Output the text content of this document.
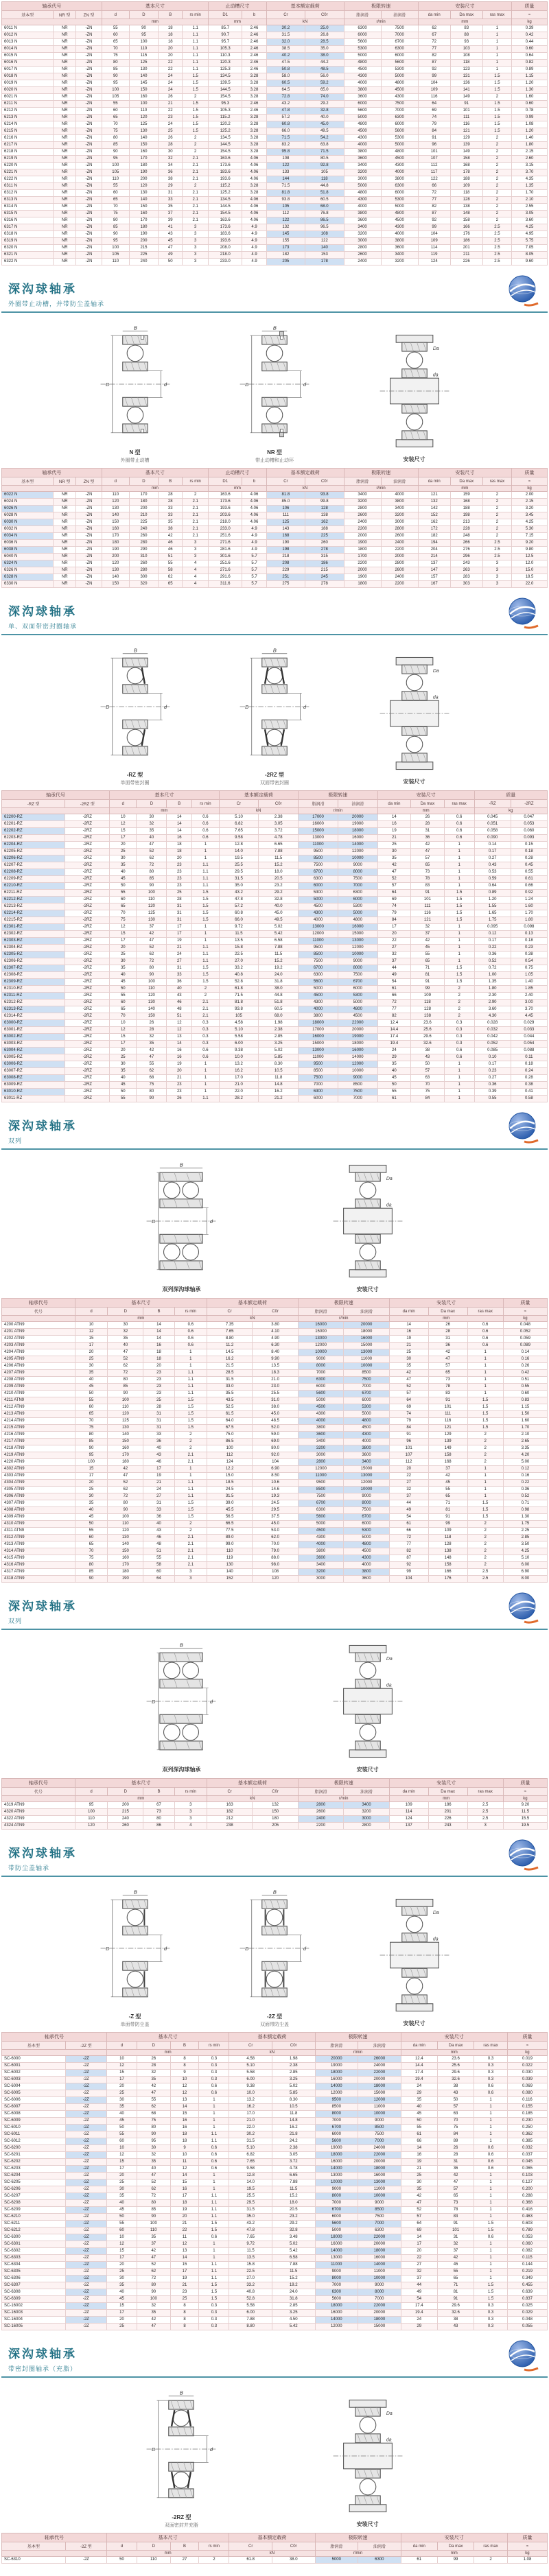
轴承代号			基本尺寸				止动槽尺寸		基本额定载荷		极限转速		安装尺寸			质量
基本型	NR 型	ZN 型	d	D	B	rs min	D1	b	Cr	C0r	脂润滑	油润滑	da min	Da max	ras max	≈
			mm				mm		kN		r/min		mm			kg
6011 N	NR	-ZN	55	90	18	1.1	85.7	2.46	30.2	25.0	6300	7500	62	83	1	0.39
6012 N	NR	-ZN	60	95	18	1.1	90.7	2.46	31.5	26.8	6000	7000	67	88	1	0.42
6013 N	NR	-ZN	65	100	18	1.1	95.7	2.46	32.0	28.5	5600	6700	72	93	1	0.44
6014 N	NR	-ZN	70	110	20	1.1	105.3	2.46	38.5	35.0	5300	6300	77	103	1	0.60
6015 N	NR	-ZN	75	115	20	1.1	110.3	2.46	40.2	38.0	5000	6000	82	108	1	0.64
6016 N	NR	-ZN	80	125	22	1.1	120.3	2.46	47.5	44.2	4800	5600	87	118	1	0.82
6017 N	NR	-ZN	85	130	22	1.1	125.3	2.46	50.8	48.5	4500	5300	92	123	1	0.89
6018 N	NR	-ZN	90	140	24	1.5	134.5	3.28	58.0	56.0	4300	5000	99	131	1.5	1.15
6019 N	NR	-ZN	95	145	24	1.5	139.5	3.28	60.5	59.2	4000	4800	104	136	1.5	1.20
6020 N	NR	-ZN	100	150	24	1.5	144.5	3.28	64.5	65.0	3800	4500	109	141	1.5	1.30
6021 N	NR	-ZN	105	160	26	2	154.5	3.28	72.8	74.0	3600	4300	116	149	2	1.60
6211 N	NR	-ZN	55	100	21	1.5	95.3	2.46	43.2	29.2	6000	7500	64	91	1.5	0.60
6212 N	NR	-ZN	60	110	22	1.5	105.3	2.46	47.8	32.8	5600	7000	69	101	1.5	0.78
6213 N	NR	-ZN	65	120	23	1.5	115.2	3.28	57.2	40.0	5000	6300	74	111	1.5	0.99
6214 N	NR	-ZN	70	125	24	1.5	120.2	3.28	60.8	45.0	4800	6000	79	116	1.5	1.08
6215 N	NR	-ZN	75	130	25	1.5	125.2	3.28	66.0	49.5	4500	5600	84	121	1.5	1.20
6216 N	NR	-ZN	80	140	26	2	134.5	3.28	71.5	54.2	4300	5300	91	129	2	1.40
6217 N	NR	-ZN	85	150	28	2	144.5	3.28	83.2	63.8	4000	5000	96	139	2	1.80
6218 N	NR	-ZN	90	160	30	2	154.5	3.28	95.8	71.5	3800	4800	101	149	2	2.15
6219 N	NR	-ZN	95	170	32	2.1	163.6	4.06	108	80.5	3600	4500	107	158	2	2.60
6220 N	NR	-ZN	100	180	34	2.1	173.6	4.06	122	92.8	3400	4300	112	168	2	3.15
6221 N	NR	-ZN	105	190	36	2.1	183.6	4.06	133	105	3200	4000	117	178	2	3.70
6222 N	NR	-ZN	110	200	38	2.1	193.6	4.06	144	118	3000	3800	122	188	2	4.35
6311 N	NR	-ZN	55	120	29	2	115.2	3.28	71.5	44.8	5000	6300	66	109	2	1.35
6312 N	NR	-ZN	60	130	31	2.1	125.2	3.28	81.8	51.8	4800	6000	72	118	2	1.70
6313 N	NR	-ZN	65	140	33	2.1	134.5	4.06	93.8	60.5	4300	5300	77	128	2	2.10
6314 N	NR	-ZN	70	150	35	2.1	144.5	4.06	105	68.0	4000	5000	82	138	2	2.55
6315 N	NR	-ZN	75	160	37	2.1	154.5	4.06	112	76.8	3800	4800	87	148	2	3.05
6316 N	NR	-ZN	80	170	39	2.1	163.6	4.06	122	86.5	3600	4500	92	158	2	3.60
6317 N	NR	-ZN	85	180	41	3	173.6	4.9	132	96.5	3400	4300	99	166	2.5	4.25
6318 N	NR	-ZN	90	190	43	3	183.6	4.9	145	108	3200	4000	104	176	2.5	4.95
6319 N	NR	-ZN	95	200	45	3	193.6	4.9	155	122	3000	3800	109	186	2.5	5.75
6320 N	NR	-ZN	100	215	47	3	208.0	4.9	173	140	2800	3600	114	201	2.5	7.05
6321 N	NR	-ZN	105	225	49	3	218.0	4.9	182	153	2600	3400	119	211	2.5	8.05
6322 N	NR	-ZN	110	240	50	3	233.0	4.9	205	178	2400	3200	124	226	2.5	9.60
深沟球轴承
外圈带止动槽，并带防尘盖轴承
D	d
B
N 型
外圈带止动槽
D	d
B
NR 型
带止动槽和止动环
Da
da
安装尺寸
轴承代号			基本尺寸				止动槽尺寸		基本额定载荷		极限转速		安装尺寸			质量
基本型	NR 型	ZN 型	d	D	B	rs min	D1	b	Cr	C0r	脂润滑	油润滑	da min	Da max	ras max	≈
			mm				mm		kN		r/min		mm			kg
6022 N	NR	-ZN	110	170	28	2	163.6	4.06	81.8	93.8	3400	4000	121	159	2	2.00
6024 N	NR	-ZN	120	180	28	2.1	173.6	4.06	85.0	99.8	3200	3800	132	168	2	2.15
6026 N	NR	-ZN	130	200	33	2.1	193.6	4.06	106	128	2800	3400	142	188	2	3.20
6028 N	NR	-ZN	140	210	33	2.1	203.6	4.06	111	138	2600	3200	152	198	2	3.45
6030 N	NR	-ZN	150	225	35	2.1	218.0	4.06	125	162	2400	3000	162	213	2	4.25
6032 N	NR	-ZN	160	240	38	2.1	233.0	4.9	143	188	2200	2800	172	228	2	5.30
6034 N	NR	-ZN	170	260	42	2.1	251.6	4.9	168	225	2000	2600	182	248	2	7.15
6036 N	NR	-ZN	180	280	46	3	271.6	4.9	190	260	1900	2400	194	266	2.5	9.20
6038 N	NR	-ZN	190	290	46	3	281.6	4.9	198	278	1800	2200	204	276	2.5	9.80
6040 N	NR	-ZN	200	310	51	3	301.6	5.7	218	315	1700	2000	214	296	2.5	12.5
6324 N	NR	-ZN	120	260	55	4	251.6	5.7	208	186	2200	2800	137	243	3	12.0
6326 N	NR	-ZN	130	280	58	4	271.6	5.7	229	215	2000	2600	147	263	3	15.0
6328 N	NR	-ZN	140	300	62	4	291.6	5.7	251	245	1900	2400	157	283	3	18.5
6330 N	NR	-ZN	150	320	65	4	311.6	5.7	275	278	1800	2200	167	303	3	22.0
深沟球轴承
单、双面带密封圈轴承
D	d
B
-RZ 型
单面带密封圈
D	d
B
-2RZ 型
双面带密封圈
Da
da
安装尺寸
轴承代号		基本尺寸				基本额定载荷		极限转速		安装尺寸			质量	
-RZ 型	-2RZ 型	d	D	B	rs min	Cr	C0r	脂润滑	油润滑	da min	Da max	ras max	-RZ	-2RZ
		mm				kN		r/min		mm			kg	
62200-RZ	-2RZ	10	30	14	0.6	5.10	2.38	17000	20000	14	26	0.6	0.045	0.047
62201-RZ	-2RZ	12	32	14	0.6	6.82	3.05	16000	19000	16	28	0.6	0.051	0.053
62202-RZ	-2RZ	15	35	14	0.6	7.65	3.72	15000	18000	19	31	0.6	0.058	0.060
62203-RZ	-2RZ	17	40	16	0.6	9.58	4.78	13000	16000	21	36	0.6	0.090	0.093
62204-RZ	-2RZ	20	47	18	1	12.8	6.65	11000	14000	25	42	1	0.14	0.15
62205-RZ	-2RZ	25	52	18	1	14.0	7.88	9500	12000	30	47	1	0.17	0.18
62206-RZ	-2RZ	30	62	20	1	19.5	11.5	8500	10000	35	57	1	0.27	0.28
62207-RZ	-2RZ	35	72	23	1.1	25.5	15.2	7500	9000	42	65	1	0.43	0.45
62208-RZ	-2RZ	40	80	23	1.1	29.5	18.0	6700	8000	47	73	1	0.53	0.55
62209-RZ	-2RZ	45	85	23	1.1	31.5	20.5	6300	7500	52	78	1	0.59	0.61
62210-RZ	-2RZ	50	90	23	1.1	35.0	23.2	6000	7000	57	83	1	0.64	0.66
62211-RZ	-2RZ	55	100	25	1.5	43.2	29.2	5300	6300	64	91	1.5	0.89	0.92
62212-RZ	-2RZ	60	110	28	1.5	47.8	32.8	5000	6000	69	101	1.5	1.20	1.24
62213-RZ	-2RZ	65	120	31	1.5	57.2	40.0	4500	5300	74	111	1.5	1.55	1.60
62214-RZ	-2RZ	70	125	31	1.5	60.8	45.0	4300	5000	79	116	1.5	1.65	1.70
62215-RZ	-2RZ	75	130	31	1.5	66.0	49.5	4000	4800	84	121	1.5	1.75	1.80
62301-RZ	-2RZ	12	37	17	1	9.72	5.02	13000	16000	17	32	1	0.095	0.098
62302-RZ	-2RZ	15	42	17	1	11.5	5.42	12000	15000	20	37	1	0.12	0.13
62303-RZ	-2RZ	17	47	19	1	13.5	6.58	11000	13000	22	42	1	0.17	0.18
62304-RZ	-2RZ	20	52	21	1.1	15.8	7.88	9500	12000	27	45	1	0.22	0.23
62305-RZ	-2RZ	25	62	24	1.1	22.5	11.5	8500	10000	32	55	1	0.36	0.38
62306-RZ	-2RZ	30	72	27	1.1	27.0	15.2	7500	9000	37	65	1	0.52	0.54
62307-RZ	-2RZ	35	80	31	1.5	33.2	19.2	6700	8000	44	71	1.5	0.72	0.75
62308-RZ	-2RZ	40	90	33	1.5	40.8	24.0	6300	7500	49	81	1.5	1.00	1.05
62309-RZ	-2RZ	45	100	36	1.5	52.8	31.8	5600	6700	54	91	1.5	1.35	1.40
62310-RZ	-2RZ	50	110	40	2	61.8	38.0	5000	6000	61	99	2	1.80	1.85
62311-RZ	-2RZ	55	120	43	2	71.5	44.8	4500	5300	66	109	2	2.30	2.40
62312-RZ	-2RZ	60	130	46	2.1	81.8	51.8	4300	5000	72	118	2	2.90	3.00
62313-RZ	-2RZ	65	140	48	2.1	93.8	60.5	4000	4800	77	128	2	3.60	3.70
62314-RZ	-2RZ	70	150	51	2.1	105	68.0	3800	4500	82	138	2	4.30	4.45
63000-RZ	-2RZ	10	26	12	0.3	4.58	1.98	18000	22000	12.4	23.6	0.3	0.028	0.029
63001-RZ	-2RZ	12	28	12	0.3	5.10	2.38	17000	20000	14.4	25.6	0.3	0.032	0.033
63002-RZ	-2RZ	15	32	13	0.3	5.58	2.85	16000	19000	17.4	29.6	0.3	0.042	0.044
63003-RZ	-2RZ	17	35	14	0.3	6.00	3.25	15000	18000	19.4	32.6	0.3	0.052	0.054
63004-RZ	-2RZ	20	42	16	0.6	9.38	5.02	13000	16000	24	38	0.6	0.085	0.088
63005-RZ	-2RZ	25	47	16	0.6	10.0	5.85	11000	14000	29	43	0.6	0.10	0.11
63006-RZ	-2RZ	30	55	19	1	13.2	8.30	9500	12000	35	50	1	0.17	0.18
63007-RZ	-2RZ	35	62	20	1	16.2	10.5	8500	10000	40	57	1	0.23	0.24
63008-RZ	-2RZ	40	68	21	1	17.0	11.8	7500	9000	45	63	1	0.27	0.28
63009-RZ	-2RZ	45	75	23	1	21.0	14.8	7000	8500	50	70	1	0.36	0.38
63010-RZ	-2RZ	50	80	23	1	22.0	16.2	6300	7500	55	75	1	0.39	0.41
63011-RZ	-2RZ	55	90	26	1.1	28.2	21.2	6000	7000	61	84	1	0.55	0.58
深沟球轴承
双列
D	d
B
双列深沟球轴承
Da
da
安装尺寸
轴承代号	基本尺寸				基本额定载荷		极限转速		安装尺寸			质量
代号	d	D	B	rs min	Cr	C0r	脂润滑	油润滑	da min	Da max	ras max	≈
	mm				kN		r/min		mm			kg
4200 ATN9	10	30	14	0.6	7.35	3.80	16000	20000	14	26	0.6	0.048
4201 ATN9	12	32	14	0.6	7.65	4.10	15000	18000	16	28	0.6	0.052
4202 ATN9	15	35	14	0.6	8.80	4.90	13000	16000	19	31	0.6	0.059
4203 ATN9	17	40	16	0.6	11.2	6.30	12000	15000	21	36	0.6	0.089
4204 ATN9	20	47	18	1	14.5	8.40	10000	13000	25	42	1	0.14
4205 ATN9	25	52	18	1	16.2	9.90	9000	11000	30	47	1	0.16
4206 ATN9	30	62	20	1	21.5	13.5	8000	10000	35	57	1	0.26
4207 ATN9	35	72	23	1.1	28.5	18.3	7000	8500	42	65	1	0.42
4208 ATN9	40	80	23	1.1	31.5	21.0	6300	7500	47	73	1	0.51
4209 ATN9	45	85	23	1.1	33.0	23.0	6000	7000	52	78	1	0.55
4210 ATN9	50	90	23	1.1	35.5	25.5	5600	6700	57	83	1	0.60
4211 ATN9	55	100	25	1.5	43.5	31.0	5000	6000	64	91	1.5	0.83
4212 ATN9	60	110	28	1.5	52.5	38.0	4500	5300	69	101	1.5	1.15
4213 ATN9	65	120	31	1.5	61.5	45.0	4300	5000	74	111	1.5	1.50
4214 ATN9	70	125	31	1.5	64.0	48.5	4000	4800	79	116	1.5	1.60
4215 ATN9	75	130	31	1.5	67.5	52.0	3800	4500	84	121	1.5	1.70
4216 ATN9	80	140	33	2	75.0	59.0	3600	4300	91	129	2	2.10
4217 ATN9	85	150	36	2	86.5	69.0	3400	4000	96	139	2	2.65
4218 ATN9	90	160	40	2	100	80.0	3200	3800	101	149	2	3.35
4219 ATN9	95	170	43	2.1	112	92.0	3000	3600	107	158	2	4.20
4220 ATN9	100	180	46	2.1	124	104	2800	3400	112	168	2	5.00
4302 ATN9	15	42	17	1	12.2	6.90	12000	15000	20	37	1	0.12
4303 ATN9	17	47	19	1	15.0	8.50	11000	13000	22	42	1	0.16
4304 ATN9	20	52	21	1.1	18.5	10.6	9500	12000	27	45	1	0.22
4305 ATN9	25	62	24	1.1	24.5	14.6	8500	10000	32	55	1	0.36
4306 ATN9	30	72	27	1.1	31.5	19.3	7500	9000	37	65	1	0.52
4307 ATN9	35	80	31	1.5	39.0	24.5	6700	8000	44	71	1.5	0.71
4308 ATN9	40	90	33	1.5	45.5	29.5	6300	7500	49	81	1.5	0.98
4309 ATN9	45	100	36	1.5	56.5	37.5	5600	6700	54	91	1.5	1.30
4310 ATN9	50	110	40	2	66.5	45.0	5000	6000	61	99	2	1.75
4311 ATN9	55	120	43	2	77.5	53.0	4500	5300	66	109	2	2.25
4312 ATN9	60	130	46	2.1	89.0	62.0	4300	5000	72	118	2	2.85
4313 ATN9	65	140	48	2.1	99.0	70.0	4000	4800	77	128	2	3.50
4314 ATN9	70	150	51	2.1	110	79.0	3800	4500	82	138	2	4.25
4315 ATN9	75	160	55	2.1	119	88.0	3600	4300	87	148	2	5.10
4316 ATN9	80	170	58	2.1	130	98.0	3400	4000	92	158	2	6.00
4317 ATN9	85	180	60	3	140	108	3200	3800	99	166	2.5	6.90
4318 ATN9	90	190	64	3	152	120	3000	3600	104	176	2.5	8.00
深沟球轴承
双列
D	d
B
双列深沟球轴承
Da
da
安装尺寸
轴承代号	基本尺寸				基本额定载荷		极限转速		安装尺寸			质量
代号	d	D	B	rs min	Cr	C0r	脂润滑	油润滑	da min	Da max	ras max	≈
	mm				kN		r/min		mm			kg
4319 ATN9	95	200	67	3	163	132	2800	3400	109	186	2.5	9.20
4320 ATN9	100	215	73	3	182	150	2600	3200	114	201	2.5	11.5
4322 ATN9	110	240	80	3	212	180	2400	3000	124	226	2.5	15.5
4324 ATN9	120	260	86	4	238	205	2200	2800	137	243	3	19.5
深沟球轴承
带防尘盖轴承
D	d
B
-Z 型
单面带防尘盖
D	d
B
-2Z 型
双面带防尘盖
Da
da
安装尺寸
轴承代号		基本尺寸				基本额定载荷		极限转速		安装尺寸			质量
基本型	-2Z 型	d	D	B	rs min	Cr	C0r	脂润滑	油润滑	da min	Da max	ras max	≈
		mm				kN		r/min		mm			kg
SC-6000	-2Z	10	26	8	0.3	4.58	1.98	20000	26000	12.4	23.6	0.3	0.019
SC-6001	-2Z	12	28	8	0.3	5.10	2.38	19000	24000	14.4	25.6	0.3	0.022
SC-6002	-2Z	15	32	9	0.3	5.58	2.85	18000	22000	17.4	29.6	0.3	0.030
SC-6003	-2Z	17	35	10	0.3	6.00	3.25	16000	20000	19.4	32.6	0.3	0.039
SC-6004	-2Z	20	42	12	0.6	9.38	5.02	14000	18000	24	38	0.6	0.069
SC-6005	-2Z	25	47	12	0.6	10.0	5.85	12000	15000	29	43	0.6	0.080
SC-6006	-2Z	30	55	13	1	13.2	8.30	9500	12000	35	50	1	0.116
SC-6007	-2Z	35	62	14	1	16.2	10.5	8500	11000	40	57	1	0.155
SC-6008	-2Z	40	68	15	1	17.0	11.8	8000	10000	45	63	1	0.185
SC-6009	-2Z	45	75	16	1	21.0	14.8	7000	9000	50	70	1	0.230
SC-6010	-2Z	50	80	16	1	22.0	16.2	6700	8500	55	75	1	0.250
SC-6011	-2Z	55	90	18	1.1	30.2	21.8	6000	7500	61	84	1	0.362
SC-6012	-2Z	60	95	18	1.1	31.5	24.2	5600	7000	66	89	1	0.385
SC-6200	-2Z	10	30	9	0.6	5.10	2.38	19000	24000	14	26	0.6	0.032
SC-6201	-2Z	12	32	10	0.6	6.82	3.05	18000	22000	16	28	0.6	0.037
SC-6202	-2Z	15	35	11	0.6	7.65	3.72	16000	20000	19	31	0.6	0.045
SC-6203	-2Z	17	40	12	0.6	9.58	4.78	14000	18000	21	36	0.6	0.065
SC-6204	-2Z	20	47	14	1	12.8	6.65	13000	16000	25	42	1	0.103
SC-6205	-2Z	25	52	15	1	14.0	7.88	10000	13000	30	47	1	0.127
SC-6206	-2Z	30	62	16	1	19.5	11.5	9000	11000	35	57	1	0.200
SC-6207	-2Z	35	72	17	1.1	25.5	15.2	8000	10000	42	65	1	0.288
SC-6208	-2Z	40	80	18	1.1	29.5	18.0	7000	9000	47	73	1	0.368
SC-6209	-2Z	45	85	19	1.1	31.5	20.5	6700	8500	52	78	1	0.416
SC-6210	-2Z	50	90	20	1.1	35.0	23.2	6000	7500	57	83	1	0.463
SC-6211	-2Z	55	100	21	1.5	43.2	29.2	5600	7000	64	91	1.5	0.603
SC-6212	-2Z	60	110	22	1.5	47.8	32.8	5000	6300	69	101	1.5	0.789
SC-6300	-2Z	10	35	11	0.6	7.65	3.48	18000	22000	14	31	0.6	0.053
SC-6301	-2Z	12	37	12	1	9.72	5.02	16000	20000	17	32	1	0.060
SC-6302	-2Z	15	42	13	1	11.5	5.42	14000	18000	20	37	1	0.082
SC-6303	-2Z	17	47	14	1	13.5	6.58	13000	16000	22	42	1	0.115
SC-6304	-2Z	20	52	15	1.1	15.8	7.88	11000	14000	27	45	1	0.144
SC-6305	-2Z	25	62	17	1.1	22.5	11.5	9000	11000	32	55	1	0.219
SC-6306	-2Z	30	72	19	1.1	27.0	15.2	8000	10000	37	65	1	0.349
SC-6307	-2Z	35	80	21	1.5	33.2	19.2	7000	9000	44	71	1.5	0.455
SC-6308	-2Z	40	90	23	1.5	40.8	24.0	6300	8000	49	81	1.5	0.639
SC-6309	-2Z	45	100	25	1.5	52.8	31.8	5600	7000	54	91	1.5	0.837
SC-16002	-2Z	15	32	8	0.3	5.58	2.85	18000	22000	17.4	29.6	0.3	0.025
SC-16003	-2Z	17	35	8	0.3	6.00	3.25	16000	20000	19.4	32.6	0.3	0.029
SC-16004	-2Z	20	42	8	0.3	7.88	4.50	14000	18000	24	38	0.3	0.048
SC-16005	-2Z	25	47	8	0.3	8.80	5.42	12000	15000	29	43	0.3	0.055
深沟球轴承
带密封圈轴承（充脂）
D	d
B
-2RZ 型
双面密封并充脂
Da
da
安装尺寸
轴承代号		基本尺寸				基本额定载荷		极限转速		安装尺寸			质量
基本型	-2Z 型	d	D	B	rs min	Cr	C0r	脂润滑	油润滑	da min	Da max	ras max	≈
		mm				kN		r/min		mm			kg
SC-6310	-2Z	50	110	27	2	61.8	38.0	5000	6300	61	99	2	1.08
